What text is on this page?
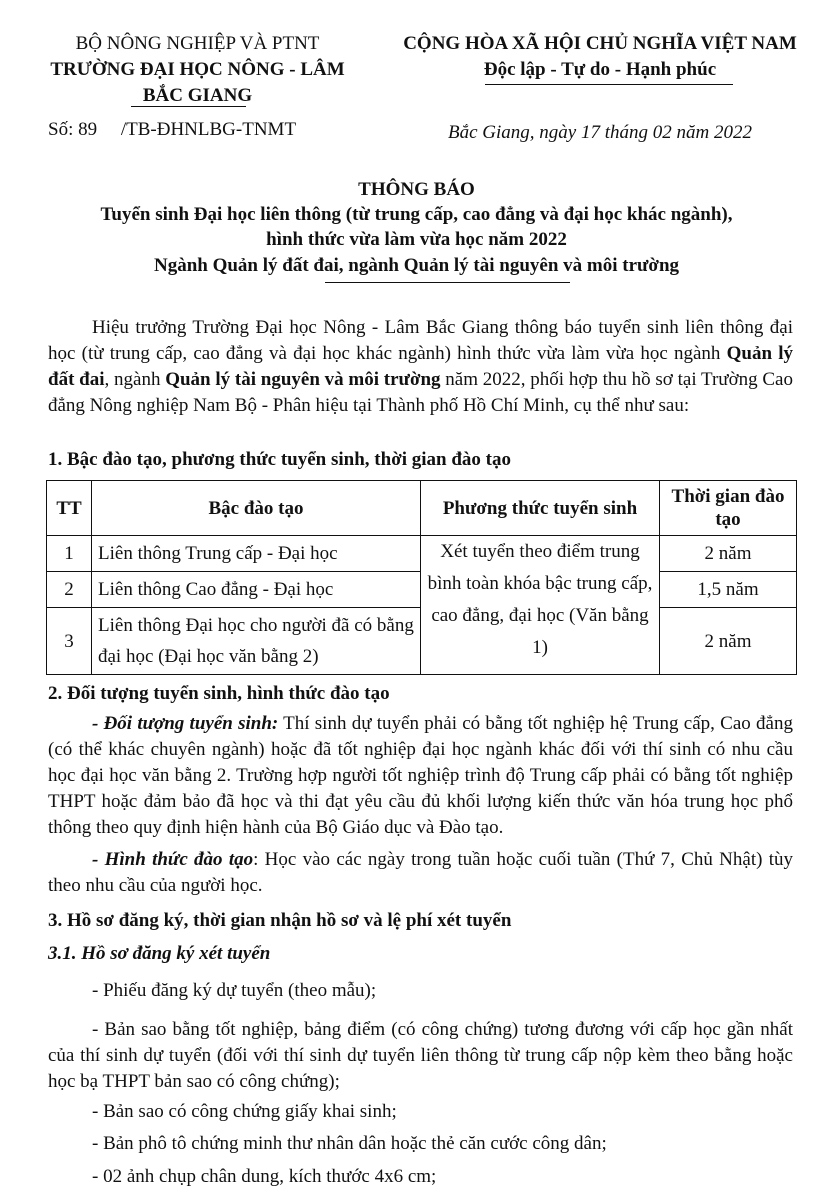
BỘ NÔNG NGHIỆP VÀ PTNT
TRƯỜNG ĐẠI HỌC NÔNG - LÂM
BẮC GIANG
Số: 89     /TB-ĐHNLBG-TNMT
CỘNG HÒA XÃ HỘI CHỦ NGHĨA VIỆT NAM
Độc lập - Tự do - Hạnh phúc
Bắc Giang, ngày 17 tháng 02 năm 2022
THÔNG BÁO
Tuyển sinh Đại học liên thông (từ trung cấp, cao đẳng và đại học khác ngành),
hình thức vừa làm vừa học năm 2022
Ngành Quản lý đất đai, ngành Quản lý tài nguyên và môi trường
Hiệu trưởng Trường Đại học Nông - Lâm Bắc Giang thông báo tuyển sinh liên thông đại học (từ trung cấp, cao đẳng và đại học khác ngành) hình thức vừa làm vừa học ngành Quản lý đất đai, ngành Quản lý tài nguyên và môi trường năm 2022, phối hợp thu hồ sơ tại Trường Cao đẳng Nông nghiệp Nam Bộ - Phân hiệu tại Thành phố Hồ Chí Minh, cụ thể như sau:
1. Bậc đào tạo, phương thức tuyển sinh, thời gian đào tạo
TT	Bậc đào tạo	Phương thức tuyển sinh	Thời gian đào tạo
1	Liên thông Trung cấp - Đại học	Xét tuyển theo điểm trung bình toàn khóa bậc trung cấp, cao đẳng, đại học (Văn bằng 1)	2 năm
2	Liên thông Cao đẳng - Đại học		1,5 năm
3	Liên thông Đại học cho người đã có bằng đại học (Đại học văn bằng 2)		2 năm
2. Đối tượng tuyển sinh, hình thức đào tạo
- Đối tượng tuyển sinh: Thí sinh dự tuyển phải có bằng tốt nghiệp hệ Trung cấp, Cao đẳng (có thể khác chuyên ngành) hoặc đã tốt nghiệp đại học ngành khác đối với thí sinh có nhu cầu học đại học văn bằng 2. Trường hợp người tốt nghiệp trình độ Trung cấp phải có bằng tốt nghiệp THPT hoặc đảm bảo đã học và thi đạt yêu cầu đủ khối lượng kiến thức văn hóa trung học phổ thông theo quy định hiện hành của Bộ Giáo dục và Đào tạo.
- Hình thức đào tạo: Học vào các ngày trong tuần hoặc cuối tuần (Thứ 7, Chủ Nhật) tùy theo nhu cầu của người học.
3. Hồ sơ đăng ký, thời gian nhận hồ sơ và lệ phí xét tuyển
3.1. Hồ sơ đăng ký xét tuyển
- Phiếu đăng ký dự tuyển (theo mẫu);
- Bản sao bằng tốt nghiệp, bảng điểm (có công chứng) tương đương với cấp học gần nhất của thí sinh dự tuyển (đối với thí sinh dự tuyển liên thông từ trung cấp nộp kèm theo bằng hoặc học bạ THPT bản sao có công chứng);
- Bản sao có công chứng giấy khai sinh;
- Bản phô tô chứng minh thư nhân dân hoặc thẻ căn cước công dân;
- 02 ảnh chụp chân dung, kích thước 4x6 cm;
